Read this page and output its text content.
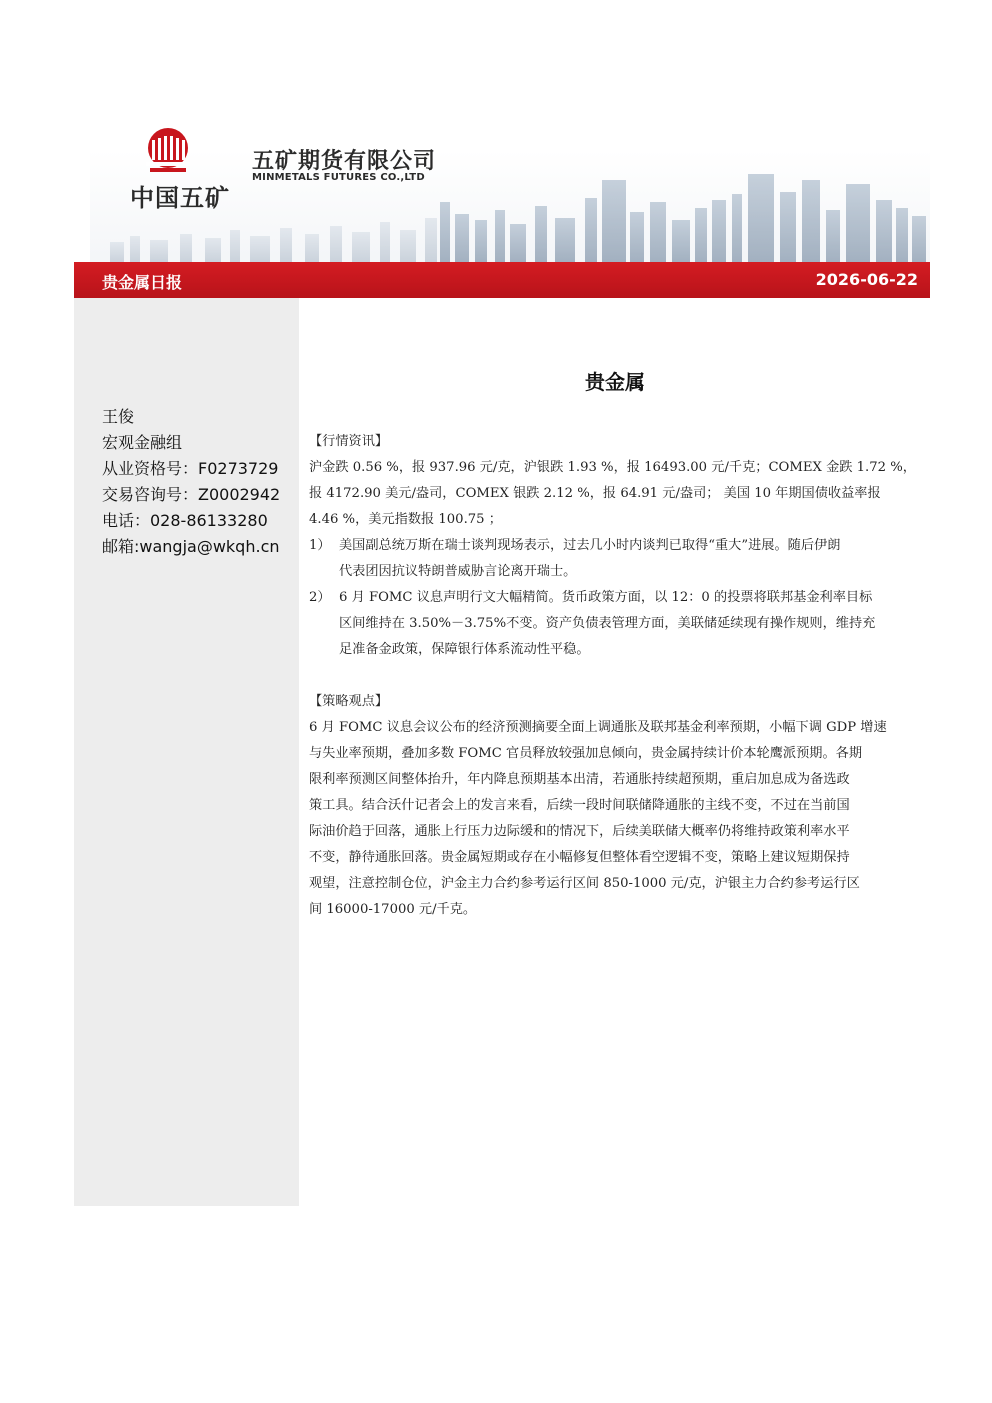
中国五矿
五矿期货有限公司
MINMETALS FUTURES CO.,LTD
贵金属日报	2026-06-22
王俊
宏观金融组
从业资格号：F0273729
交易咨询号：Z0002942
电话：028-86133280
邮箱:wangja@wkqh.cn
贵金属
【行情资讯】
沪金跌 0.56 %，报 937.96 元/克，沪银跌 1.93 %，报 16493.00 元/千克；COMEX 金跌 1.72 %，
报 4172.90 美元/盎司，COMEX 银跌 2.12 %，报 64.91 元/盎司； 美国 10 年期国债收益率报
4.46 %，美元指数报 100.75 ；
1） 美国副总统万斯在瑞士谈判现场表示，过去几小时内谈判已取得“重大”进展。随后伊朗
代表团因抗议特朗普威胁言论离开瑞士。
2） 6 月 FOMC 议息声明行文大幅精简。货币政策方面，以 12：0 的投票将联邦基金利率目标
区间维持在 3.50%－3.75%不变。资产负债表管理方面，美联储延续现有操作规则，维持充
足准备金政策，保障银行体系流动性平稳。
【策略观点】
6 月 FOMC 议息会议公布的经济预测摘要全面上调通胀及联邦基金利率预期，小幅下调 GDP 增速
与失业率预期，叠加多数 FOMC 官员释放较强加息倾向，贵金属持续计价本轮鹰派预期。各期
限利率预测区间整体抬升，年内降息预期基本出清，若通胀持续超预期，重启加息成为备选政
策工具。结合沃什记者会上的发言来看，后续一段时间联储降通胀的主线不变，不过在当前国
际油价趋于回落，通胀上行压力边际缓和的情况下，后续美联储大概率仍将维持政策利率水平
不变，静待通胀回落。贵金属短期或存在小幅修复但整体看空逻辑不变，策略上建议短期保持
观望，注意控制仓位，沪金主力合约参考运行区间 850-1000 元/克，沪银主力合约参考运行区
间 16000-17000 元/千克。
